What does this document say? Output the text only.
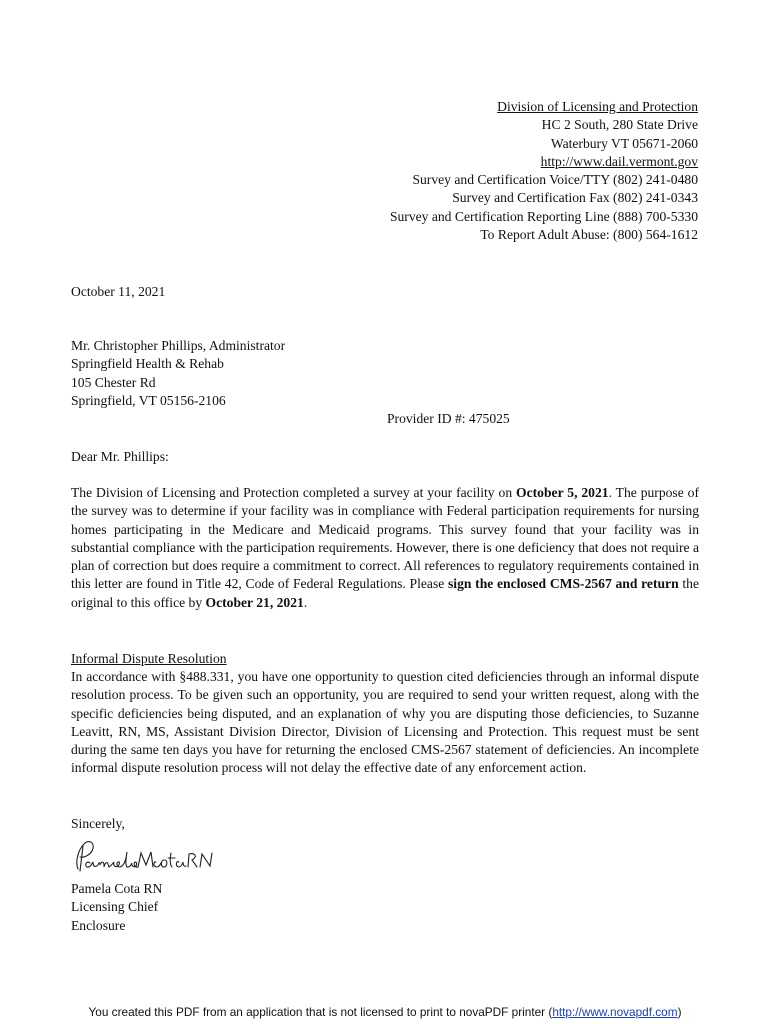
Division of Licensing and Protection
HC 2 South, 280 State Drive
Waterbury VT 05671-2060
http://www.dail.vermont.gov
Survey and Certification Voice/TTY (802) 241-0480
Survey and Certification Fax (802) 241-0343
Survey and Certification Reporting Line (888) 700-5330
To Report Adult Abuse: (800) 564-1612
October 11, 2021
Mr. Christopher Phillips, Administrator
Springfield Health & Rehab
105 Chester Rd
Springfield, VT 05156-2106
Provider ID #: 475025
Dear Mr. Phillips:
The Division of Licensing and Protection completed a survey at your facility on October 5, 2021. The purpose of the survey was to determine if your facility was in compliance with Federal participation requirements for nursing homes participating in the Medicare and Medicaid programs. This survey found that your facility was in substantial compliance with the participation requirements. However, there is one deficiency that does not require a plan of correction but does require a commitment to correct. All references to regulatory requirements contained in this letter are found in Title 42, Code of Federal Regulations. Please sign the enclosed CMS-2567 and return the original to this office by October 21, 2021.
Informal Dispute Resolution
In accordance with §488.331, you have one opportunity to question cited deficiencies through an informal dispute resolution process. To be given such an opportunity, you are required to send your written request, along with the specific deficiencies being disputed, and an explanation of why you are disputing those deficiencies, to Suzanne Leavitt, RN, MS, Assistant Division Director, Division of Licensing and Protection. This request must be sent during the same ten days you have for returning the enclosed CMS-2567 statement of deficiencies. An incomplete informal dispute resolution process will not delay the effective date of any enforcement action.
Sincerely,
Pamela Cota RN
Licensing Chief
Enclosure
You created this PDF from an application that is not licensed to print to novaPDF printer (http://www.novapdf.com)
